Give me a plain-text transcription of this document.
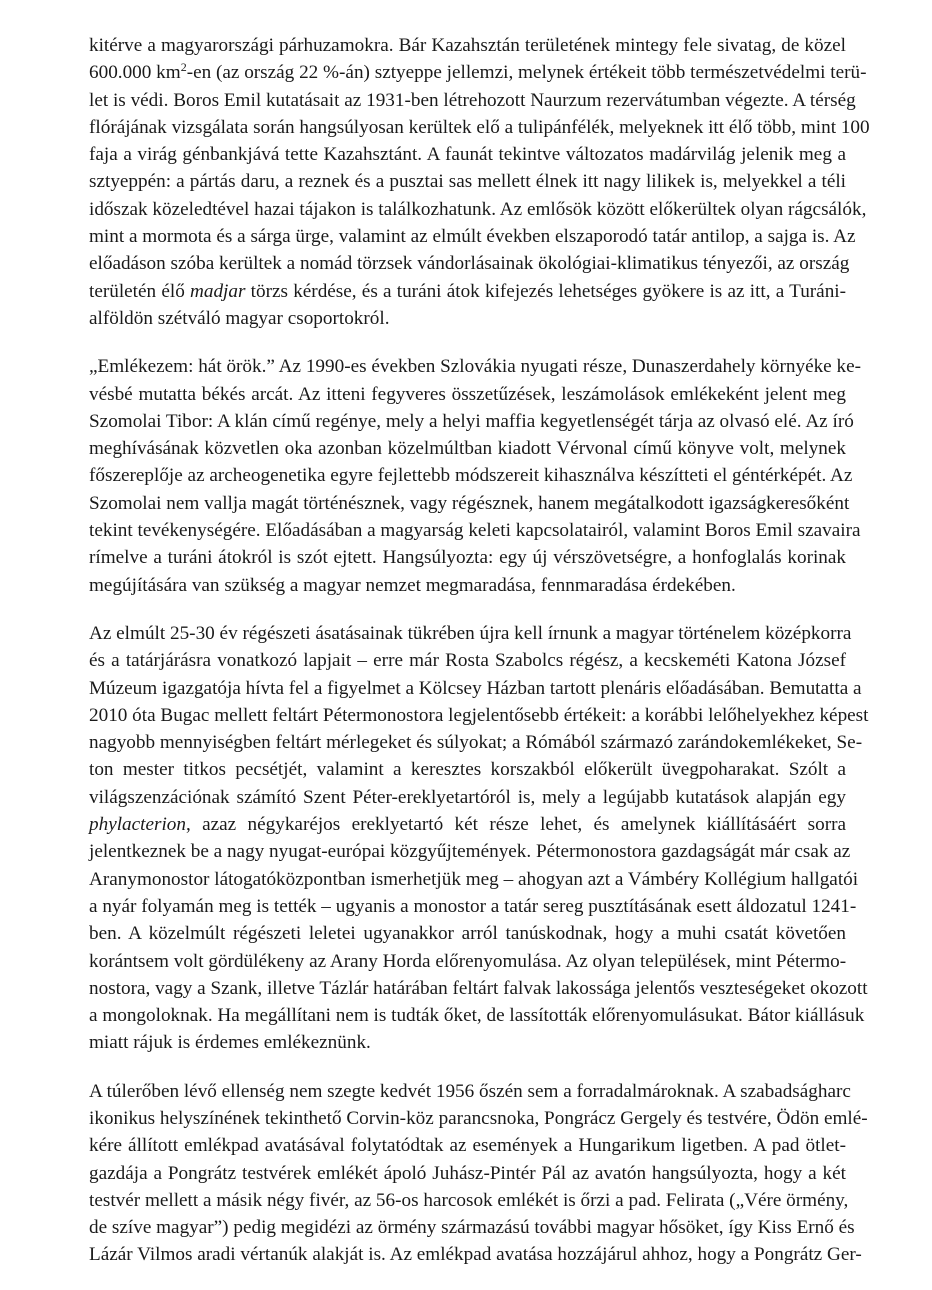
kitérve a magyarországi párhuzamokra. Bár Kazahsztán területének mintegy fele sivatag, de közel
600.000 $km^2-en$ (az ország 22 %-án) sztyeppe jellemzi, melynek értékeit több természetvédelmi terü-
let is védi. Boros Emil kutatásait az 1931-ben létrehozott Naurzum rezervátumban végezte. A térség
flórájának vizsgálata során hangsúlyosan kerültek elő a tulipánfélék, melyeknek itt élő több, mint 100
faja a virág génbankjává tette Kazahsztánt. A faunát tekintve változatos madárvilág jelenik meg a
sztyeppén: a pártás daru, a reznek és a pusztai sas mellett élnek itt nagy lilikek is, melyekkel a téli
időszak közeledtével hazai tájakon is találkozhatunk. Az emlősök között előkerültek olyan rágcsálók,
mint a mormota és a sárga ürge, valamint az elmúlt években elszaporodó tatár antilop, a sajga is. Az
előadáson szóba kerültek a nomád törzsek vándorlásainak ökológiai-klimatikus tényezői, az ország
területén élő madjar törzs kérdése, és a turáni átok kifejezés lehetséges gyökere is az itt, a Turáni-
alföldön szétváló magyar csoportokról.

„Emlékezem: hát örök.” Az 1990-es években Szlovákia nyugati része, Dunaszerdahely környéke ke-
vésbé mutatta békés arcát. Az itteni fegyveres összetűzések, leszámolások emlékeként jelent meg
Szomolai Tibor: A klán című regénye, mely a helyi maffia kegyetlenségét tárja az olvasó elé. Az író
meghívásának közvetlen oka azonban közelmúltban kiadott Vérvonal című könyve volt, melynek
főszereplője az archeogenetika egyre fejlettebb módszereit kihasználva készítteti el géntérképét. Az
Szomolai nem vallja magát történésznek, vagy régésznek, hanem megátalkodott igazságkeresőként
tekint tevékenységére. Előadásában a magyarság keleti kapcsolatairól, valamint Boros Emil szavaira
rímelve a turáni átokról is szót ejtett. Hangsúlyozta: egy új vérszövetségre, a honfoglalás korinak
megújítására van szükség a magyar nemzet megmaradása, fennmaradása érdekében.

Az elmúlt 25-30 év régészeti ásatásainak tükrében újra kell írnunk a magyar történelem középkorra
és a tatárjárásra vonatkozó lapjait – erre már Rosta Szabolcs régész, a kecskeméti Katona József
Múzeum igazgatója hívta fel a figyelmet a Kölcsey Házban tartott plenáris előadásában. Bemutatta a
2010 óta Bugac mellett feltárt Pétermonostora legjelentősebb értékeit: a korábbi lelőhelyekhez képest
nagyobb mennyiségben feltárt mérlegeket és súlyokat; a Rómából származó zarándokemlékeket, Se-
ton mester titkos pecsétjét, valamint a keresztes korszakból előkerült üvegpoharakat. Szólt a
világszenzációnak számító Szent Péter-ereklyetartóról is, mely a legújabb kutatások alapján egy
phylacterion, azaz négykaréjos ereklyetartó két része lehet, és amelynek kiállításáért sorra
jelentkeznek be a nagy nyugat-európai közgyűjtemények. Pétermonostora gazdagságát már csak az
Aranymonostor látogatóközpontban ismerhetjük meg – ahogyan azt a Vámbéry Kollégium hallgatói
a nyár folyamán meg is tették – ugyanis a monostor a tatár sereg pusztításának esett áldozatul 1241-
ben. A közelmúlt régészeti leletei ugyanakkor arról tanúskodnak, hogy a muhi csatát követően
korántsem volt gördülékeny az Arany Horda előrenyomulása. Az olyan települések, mint Pétermo-
nostora, vagy a Szank, illetve Tázlár határában feltárt falvak lakossága jelentős veszteségeket okozott
a mongoloknak. Ha megállítani nem is tudták őket, de lassították előrenyomulásukat. Bátor kiállásuk
miatt rájuk is érdemes emlékeznünk.

A túlerőben lévő ellenség nem szegte kedvét 1956 őszén sem a forradalmároknak. A szabadságharc
ikonikus helyszínének tekinthető Corvin-köz parancsnoka, Pongrácz Gergely és testvére, Ödön emlé-
kére állított emlékpad avatásával folytatódtak az események a Hungarikum ligetben. A pad ötlet-
gazdája a Pongrátz testvérek emlékét ápoló Juhász-Pintér Pál az avatón hangsúlyozta, hogy a két
testvér mellett a másik négy fivér, az 56-os harcosok emlékét is őrzi a pad. Felirata („Vére örmény,
de szíve magyar”) pedig megidézi az örmény származású további magyar hősöket, így Kiss Ernő és
Lázár Vilmos aradi vértanúk alakját is. Az emlékpad avatása hozzájárul ahhoz, hogy a Pongrátz Ger-
